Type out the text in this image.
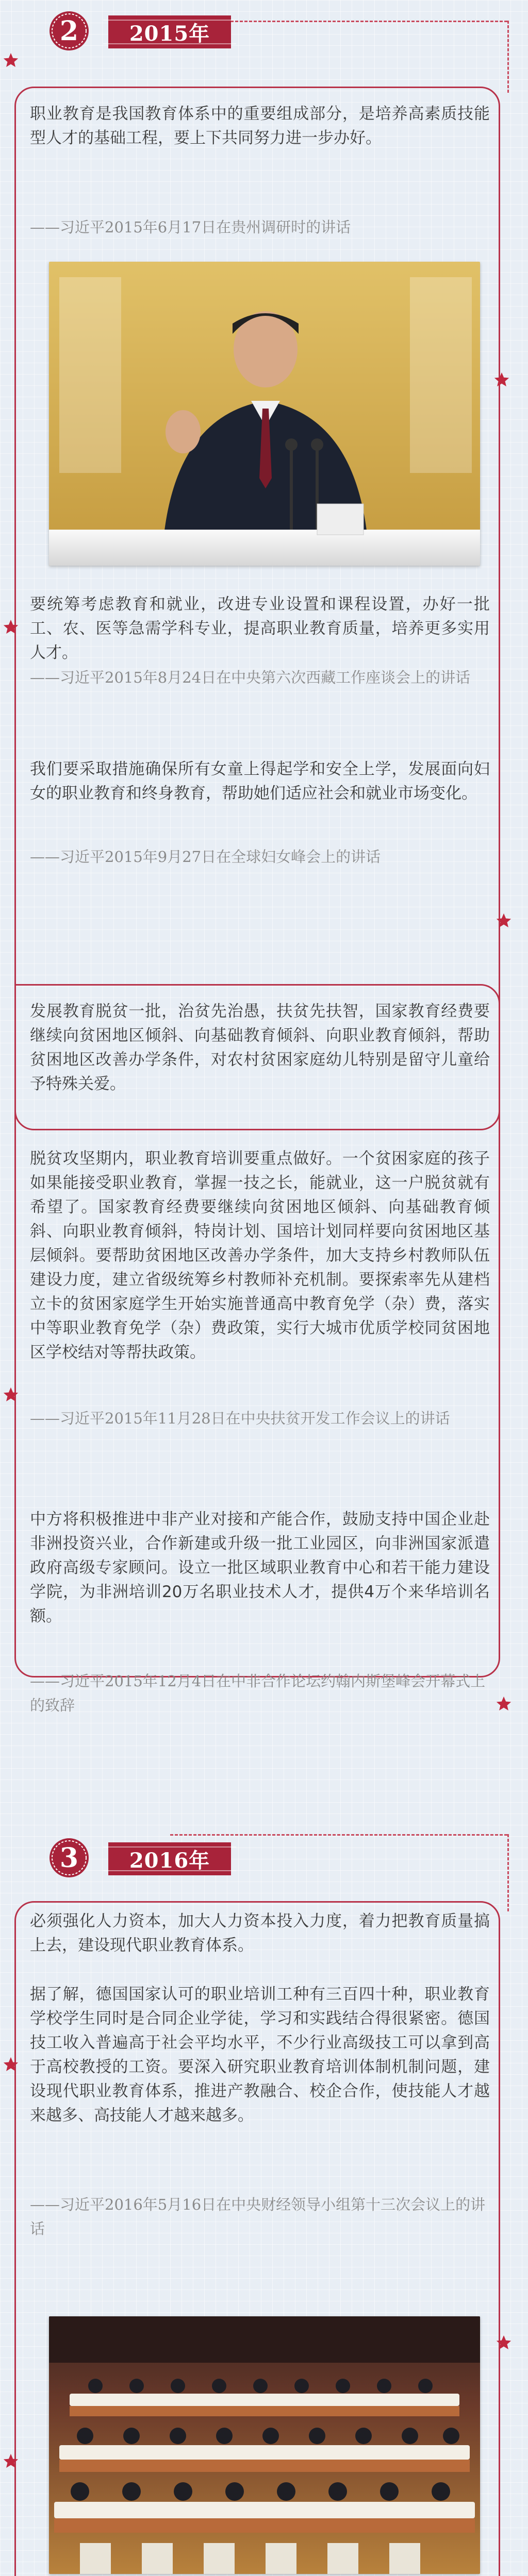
2	2015年

职业教育是我国教育体系中的重要组成部分，是培养高素质技能型人才的基础工程，要上下共同努力进一步办好。

——习近平2015年6月17日在贵州调研时的讲话

要统筹考虑教育和就业，改进专业设置和课程设置，办好一批工、农、医等急需学科专业，提高职业教育质量，培养更多实用人才。

——习近平2015年8月24日在中央第六次西藏工作座谈会上的讲话

我们要采取措施确保所有女童上得起学和安全上学，发展面向妇女的职业教育和终身教育，帮助她们适应社会和就业市场变化。

——习近平2015年9月27日在全球妇女峰会上的讲话

发展教育脱贫一批，治贫先治愚，扶贫先扶智，国家教育经费要继续向贫困地区倾斜、向基础教育倾斜、向职业教育倾斜，帮助贫困地区改善办学条件，对农村贫困家庭幼儿特别是留守儿童给予特殊关爱。

脱贫攻坚期内，职业教育培训要重点做好。一个贫困家庭的孩子如果能接受职业教育，掌握一技之长，能就业，这一户脱贫就有希望了。国家教育经费要继续向贫困地区倾斜、向基础教育倾斜、向职业教育倾斜，特岗计划、国培计划同样要向贫困地区基层倾斜。要帮助贫困地区改善办学条件，加大支持乡村教师队伍建设力度，建立省级统筹乡村教师补充机制。要探索率先从建档立卡的贫困家庭学生开始实施普通高中教育免学（杂）费，落实中等职业教育免学（杂）费政策，实行大城市优质学校同贫困地区学校结对等帮扶政策。

——习近平2015年11月28日在中央扶贫开发工作会议上的讲话

中方将积极推进中非产业对接和产能合作，鼓励支持中国企业赴非洲投资兴业，合作新建或升级一批工业园区，向非洲国家派遣政府高级专家顾问。设立一批区域职业教育中心和若干能力建设学院，为非洲培训20万名职业技术人才，提供4万个来华培训名额。

——习近平2015年12月4日在中非合作论坛约翰内斯堡峰会开幕式上的致辞

3	2016年

必须强化人力资本，加大人力资本投入力度，着力把教育质量搞上去，建设现代职业教育体系。

据了解，德国国家认可的职业培训工种有三百四十种，职业教育学校学生同时是合同企业学徒，学习和实践结合得很紧密。德国技工收入普遍高于社会平均水平，不少行业高级技工可以拿到高于高校教授的工资。要深入研究职业教育培训体制机制问题，建设现代职业教育体系，推进产教融合、校企合作，使技能人才越来越多、高技能人才越来越多。

——习近平2016年5月16日在中央财经领导小组第十三次会议上的讲话
